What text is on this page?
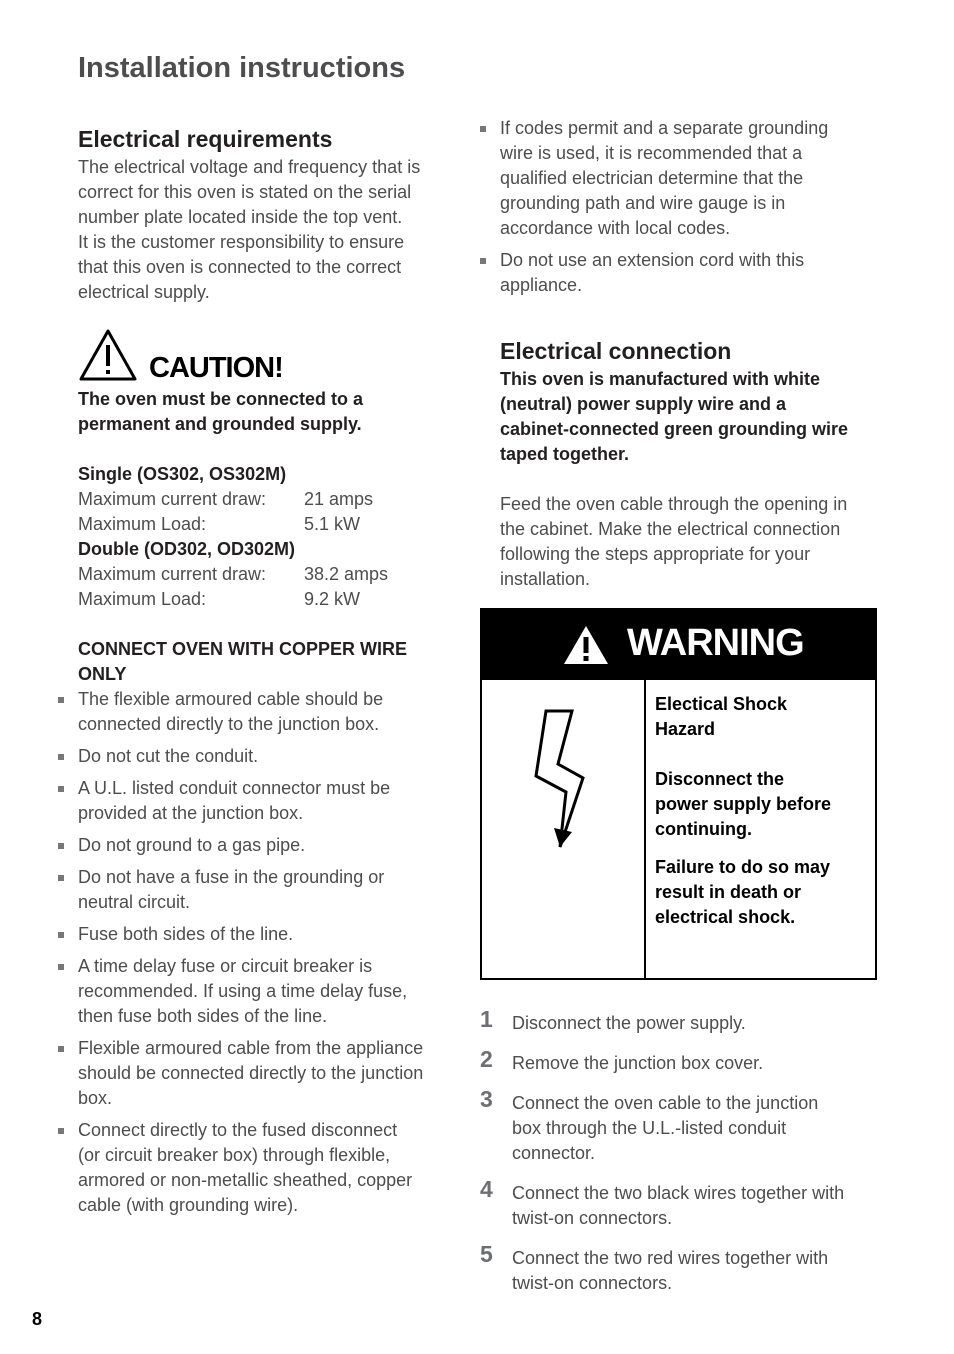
Installation instructions
Electrical requirements
The electrical voltage and frequency that is
correct for this oven is stated on the serial
number plate located inside the top vent.
It is the customer responsibility to ensure
that this oven is connected to the correct
electrical supply.
CAUTION!
The oven must be connected to a
permanent and grounded supply.
Single (OS302, OS302M)
Maximum current draw:	21 amps
Maximum Load:	5.1 kW
Double (OD302, OD302M)
Maximum current draw:	38.2 amps
Maximum Load:	9.2 kW
CONNECT OVEN WITH COPPER WIRE
ONLY
The flexible armoured cable should be
connected directly to the junction box.
Do not cut the conduit.
A U.L. listed conduit connector must be
provided at the junction box.
Do not ground to a gas pipe.
Do not have a fuse in the grounding or
neutral circuit.
Fuse both sides of the line.
A time delay fuse or circuit breaker is
recommended. If using a time delay fuse,
then fuse both sides of the line.
Flexible armoured cable from the appliance
should be connected directly to the junction
box.
Connect directly to the fused disconnect
(or circuit breaker box) through flexible,
armored or non-metallic sheathed, copper
cable (with grounding wire).
If codes permit and a separate grounding
wire is used, it is recommended that a
qualified electrician determine that the
grounding path and wire gauge is in
accordance with local codes.
Do not use an extension cord with this
appliance.
Electrical connection
This oven is manufactured with white
(neutral) power supply wire and a
cabinet-connected green grounding wire
taped together.
Feed the oven cable through the opening in
the cabinet. Make the electrical connection
following the steps appropriate for your
installation.
WARNING
Electical Shock
Hazard
Disconnect the
power supply before
continuing.
Failure to do so may
result in death or
electrical shock.
1 Disconnect the power supply.
2 Remove the junction box cover.
3 Connect the oven cable to the junction
box through the U.L.-listed conduit
connector.
4 Connect the two black wires together with
twist-on connectors.
5 Connect the two red wires together with
twist-on connectors.
8
